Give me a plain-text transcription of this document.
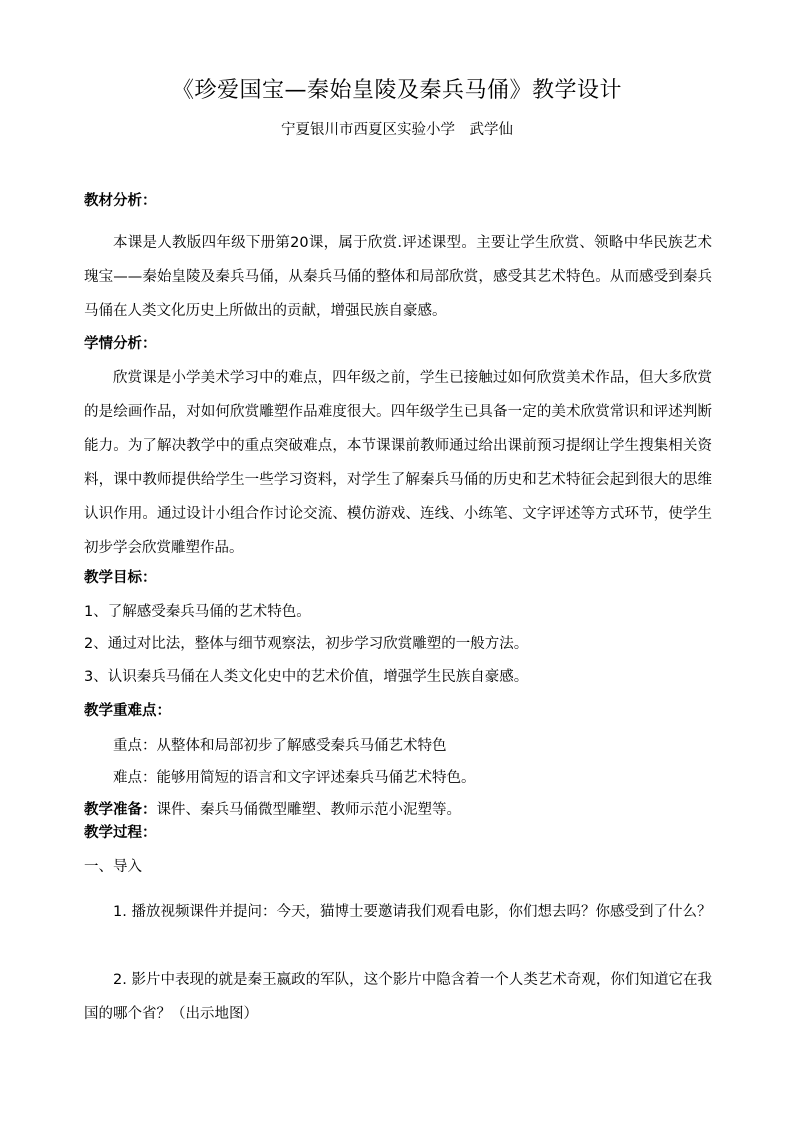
《珍爱国宝—秦始皇陵及秦兵马俑》教学设计
宁夏银川市西夏区实验小学　武学仙
教材分析：

本课是人教版四年级下册第20课，属于欣赏.评述课型。主要让学生欣赏、领略中华民族艺术瑰宝——秦始皇陵及秦兵马俑，从秦兵马俑的整体和局部欣赏，感受其艺术特色。从而感受到秦兵马俑在人类文化历史上所做出的贡献，增强民族自豪感。

学情分析：

欣赏课是小学美术学习中的难点，四年级之前，学生已接触过如何欣赏美术作品，但大多欣赏的是绘画作品，对如何欣赏雕塑作品难度很大。四年级学生已具备一定的美术欣赏常识和评述判断能力。为了解决教学中的重点突破难点，本节课课前教师通过给出课前预习提纲让学生搜集相关资料，课中教师提供给学生一些学习资料，对学生了解秦兵马俑的历史和艺术特征会起到很大的思维认识作用。通过设计小组合作讨论交流、模仿游戏、连线、小练笔、文字评述等方式环节，使学生初步学会欣赏雕塑作品。

教学目标：
1、了解感受秦兵马俑的艺术特色。
2、通过对比法，整体与细节观察法，初步学习欣赏雕塑的一般方法。
3、认识秦兵马俑在人类文化史中的艺术价值，增强学生民族自豪感。
教学重难点：
重点：从整体和局部初步了解感受秦兵马俑艺术特色
难点：能够用简短的语言和文字评述秦兵马俑艺术特色。
教学准备：课件、秦兵马俑微型雕塑、教师示范小泥塑等。
教学过程：
一、导入

1. 播放视频课件并提问：今天，猫博士要邀请我们观看电影，你们想去吗？你感受到了什么？

2. 影片中表现的就是秦王嬴政的军队，这个影片中隐含着一个人类艺术奇观，你们知道它在我国的哪个省？（出示地图）
